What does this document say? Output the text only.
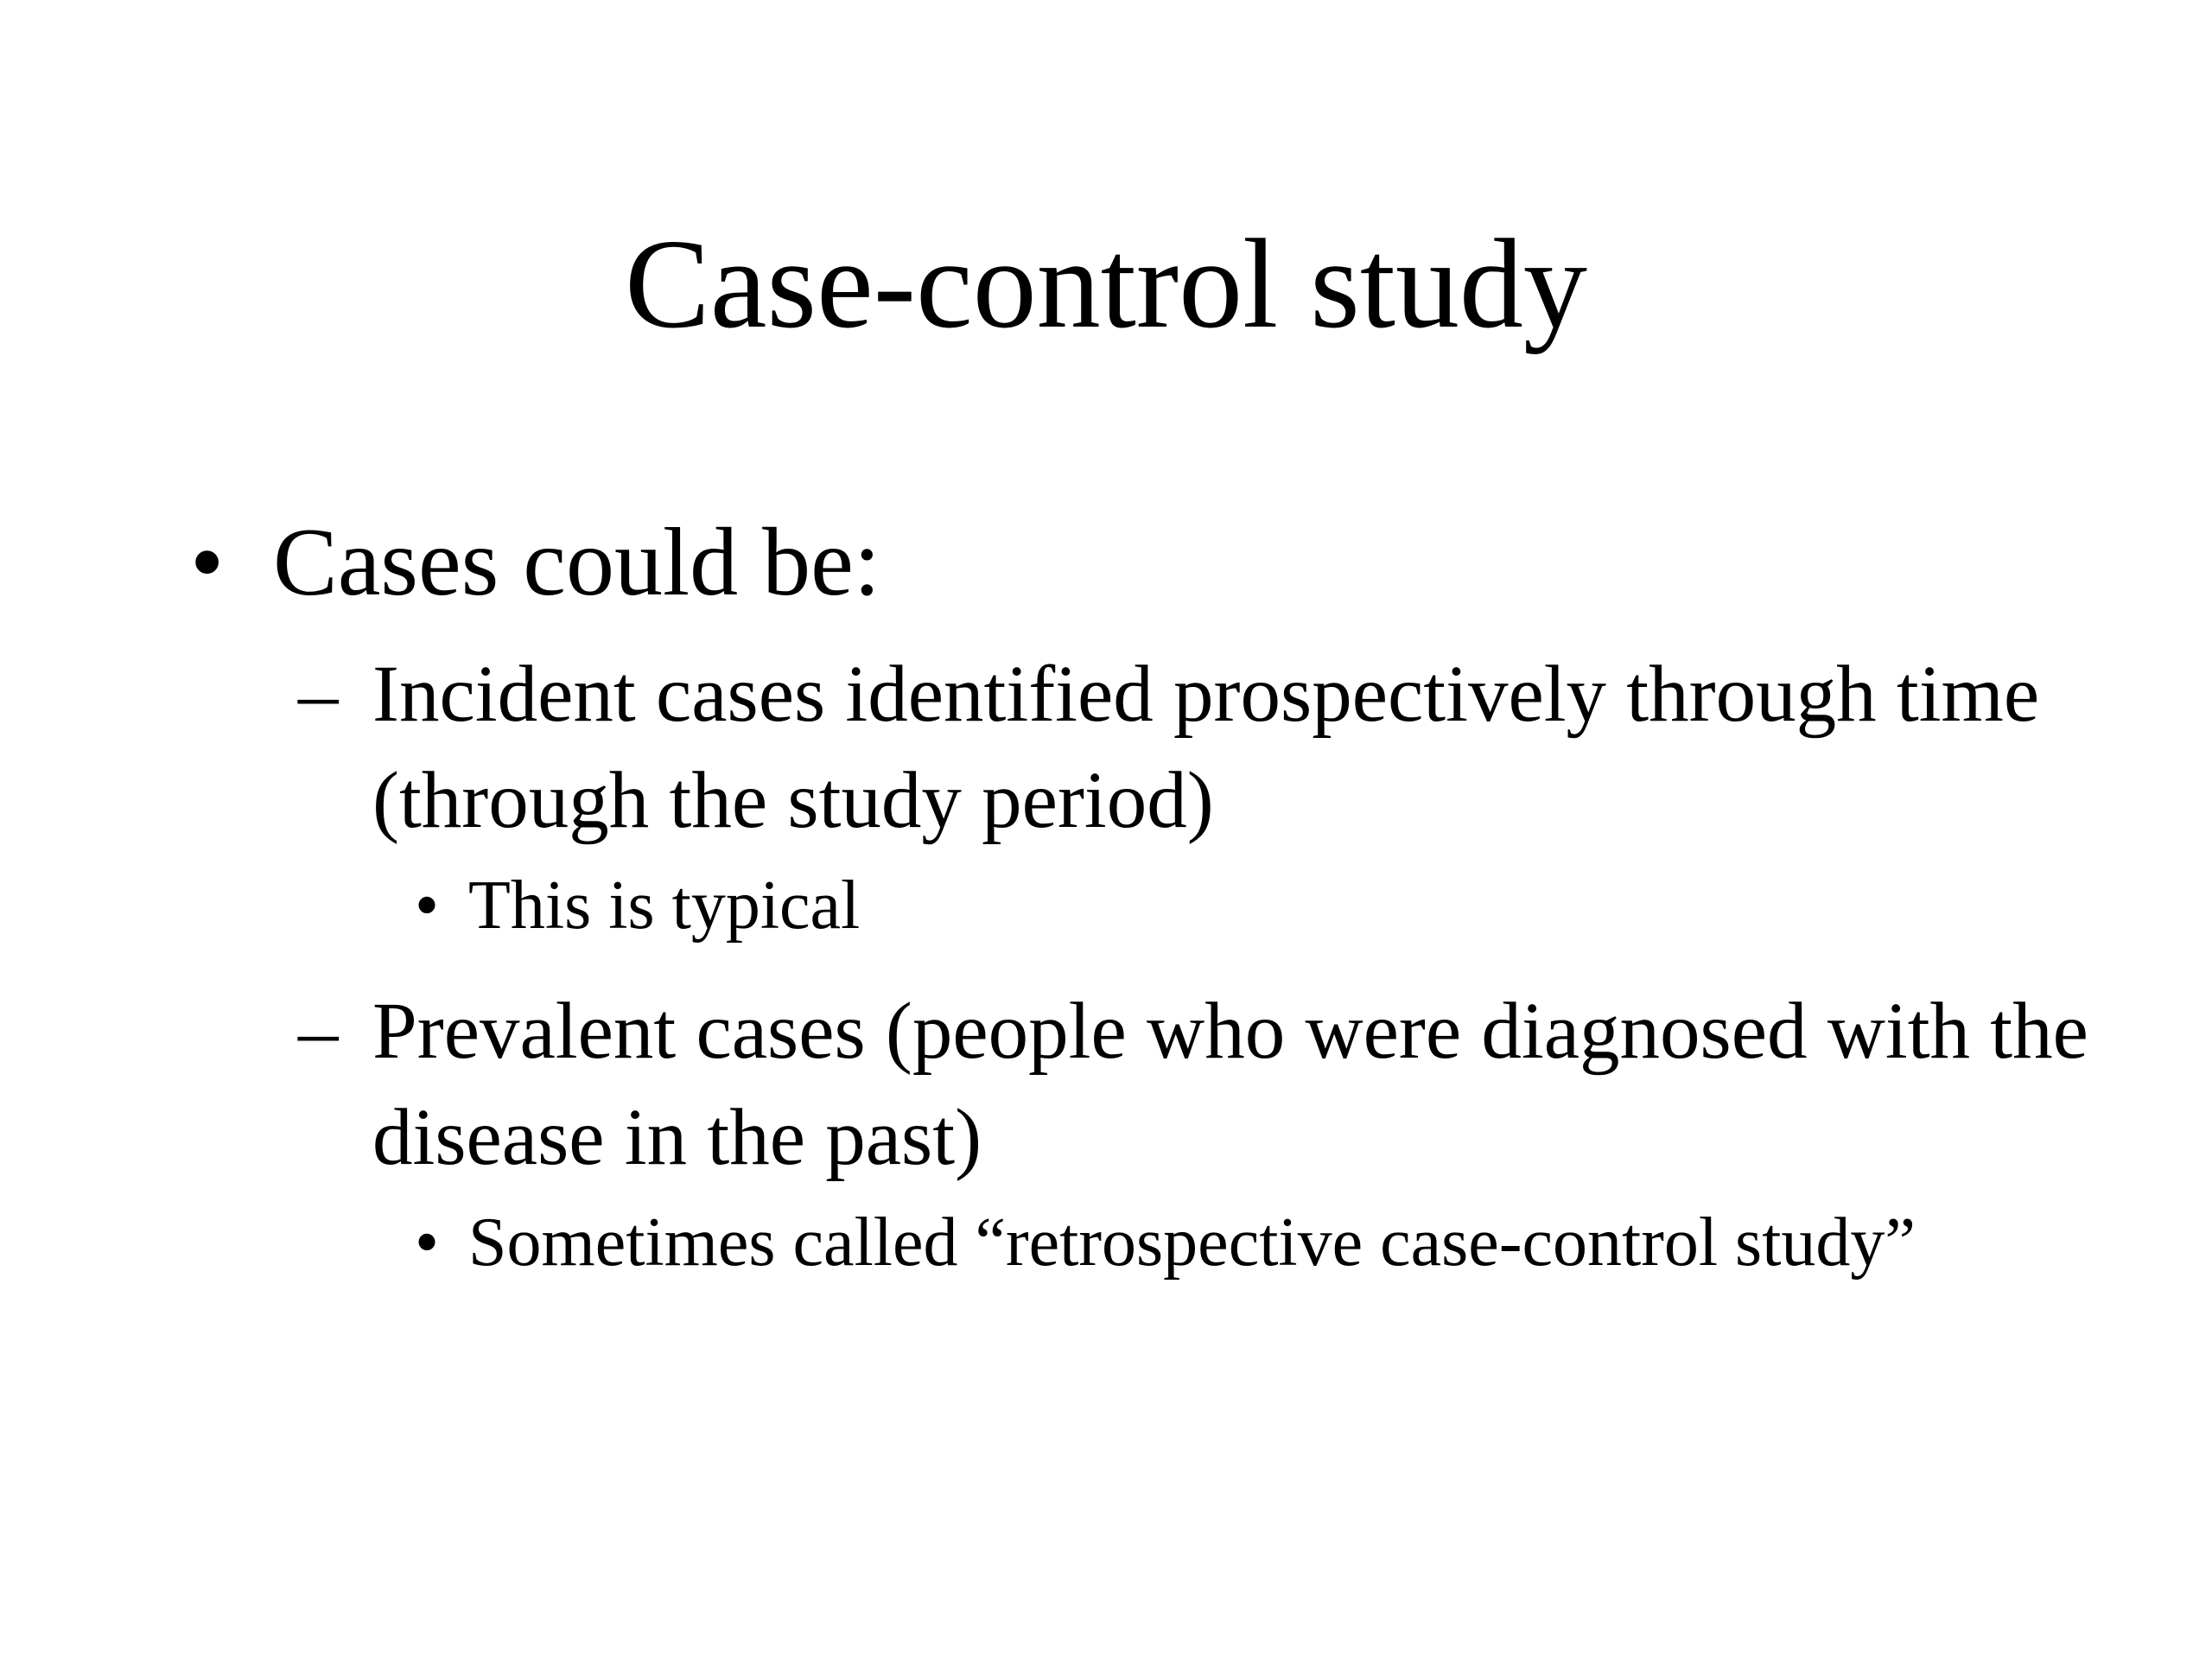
Case-control study
• Cases could be:
– Incident cases identified prospectively through time (through the study period)
• This is typical
– Prevalent cases (people who were diagnosed with the disease in the past)
• Sometimes called “retrospective case-control study”
